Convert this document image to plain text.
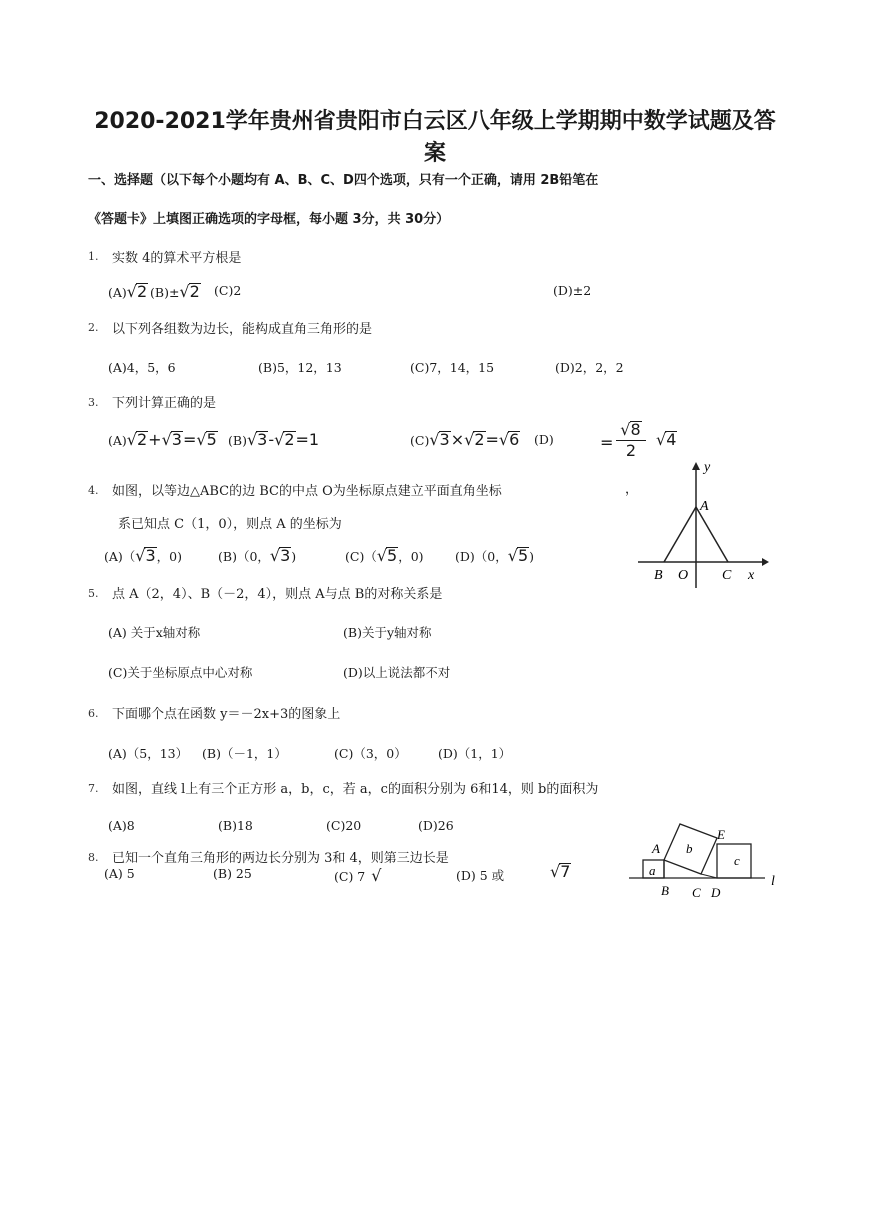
2020-2021学年贵州省贵阳市白云区八年级上学期期中数学试题及答
案
一、选择题（以下每个小题均有 A、B、C、D四个选项，只有一个正确，请用 2B铅笔在
《答题卡》上填图正确选项的字母框，每小题 3分，共 30分）
1. 实数 4的算术平方根是
(A)√2 (B)±√2 (C)2	(D)±2
2. 以下列各组数为边长，能构成直角三角形的是
(A)4，5，6	(B)5，12，13	(C)7，14，15	(D)2，2，2
3. 下列计算正确的是
(A)√2+√3=√5 (B)√3-√2=1	(C)√3×√2=√6 (D)	=
√8
2
√4
4. 如图，以等边△ABC的边 BC的中点 O为坐标原点建立平面直角坐标	，
系已知点 C（1，0），则点 A 的坐标为
(A)（√3，0)	(B)（0，√3)	(C)（√5，0)	(D)（0，√5)
y
A
B O C x
5. 点 A（2，4）、B（－2，4），则点 A与点 B的对称关系是
(A) 关于x轴对称	(B)关于y轴对称
(C)关于坐标原点中心对称	(D)以上说法都不对
6. 下面哪个点在函数 y＝－2x+3的图象上
(A)（5，13） (B)（－1，1）	(C)（3，0）	(D)（1，1）
7. 如图，直线 l上有三个正方形 a，b，c，若 a，c的面积分别为 6和14，则 b的面积为
(A)8	(B)18	(C)20	(D)26
8. 已知一个直角三角形的两边长分别为 3和 4，则第三边长是
(A) 5	(B) 25	(C) 7 √	(D) 5 或	√7
A
E
a
b
c
B C D
l
